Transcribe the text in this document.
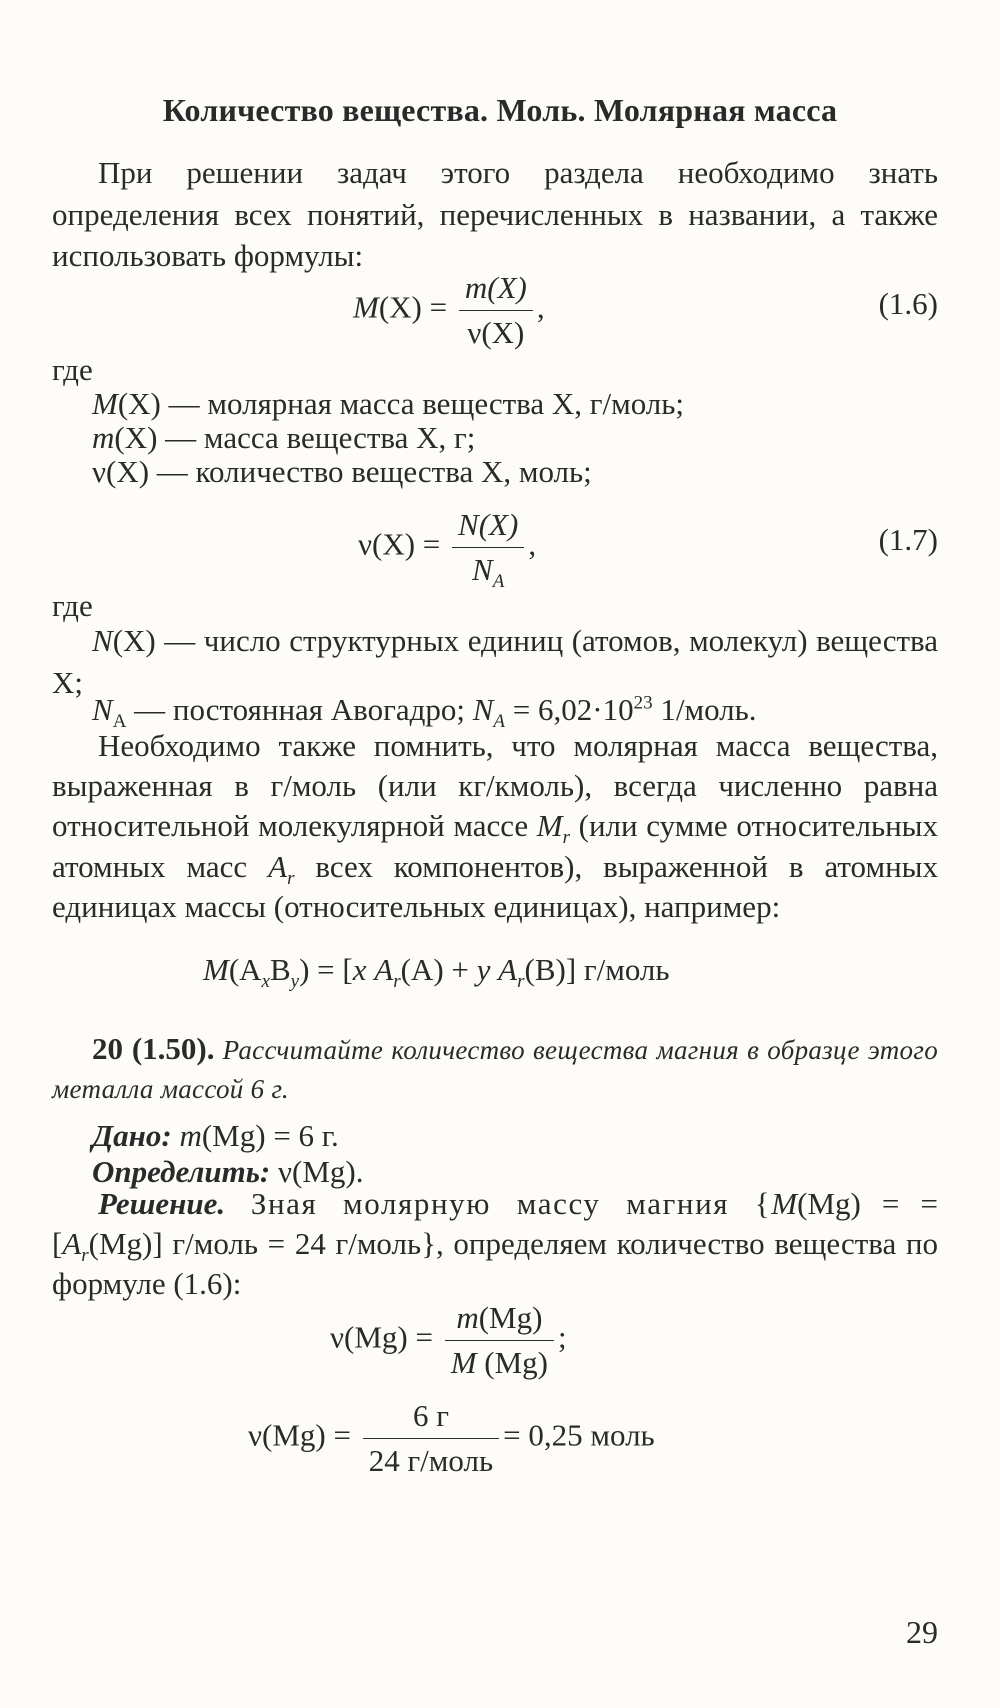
Количество вещества. Моль. Молярная масса

При решении задач этого раздела необходимо знать определения всех понятий, перечисленных в названии, а также использовать формулы:

$M(X) = \frac{m(X)}{\nu(X)}$ ,	(1.6)
где
M(X) — молярная масса вещества X, г/моль;
m(X) — масса вещества X, г;
ν(X) — количество вещества X, моль;
$\nu(X) = \frac{N(X)}{N_A}$ ,	(1.7)
где

N(X) — число структурных единиц (атомов, молекул) вещества X;

$N_A$ — постоянная Авогадро; $N_A = 6,02\cdot 10^{23}$ 1/моль.

Необходимо также помнить, что молярная масса вещества, выраженная в г/моль (или кг/кмоль), всегда численно равна относительной молекулярной массе $M_r$ (или сумме относительных атомных масс $A_r$ всех компонентов), выраженной в атомных единицах массы (относительных единицах), например:

$M(A_xB_y) = [x$ $A_r(A) + y$ $A_r(B)$] г/моль

20 (1.50). Рассчитайте количество вещества магния в образце этого металла массой 6 г.

Дано: m(Mg) = 6 г.
Определить: ν(Mg).

Решение. Зная молярную массу магния {M(Mg) = = $[A_r(Mg)]$ г/моль = 24 г/моль}, определяем количество вещества по формуле (1.6):

$\nu(Mg) = \frac{m(Mg)}{M (Mg)}$ ;
$\nu(Mg) = \frac{6 г}{\text{24 г/моль}} = 0,25$ моль
29
